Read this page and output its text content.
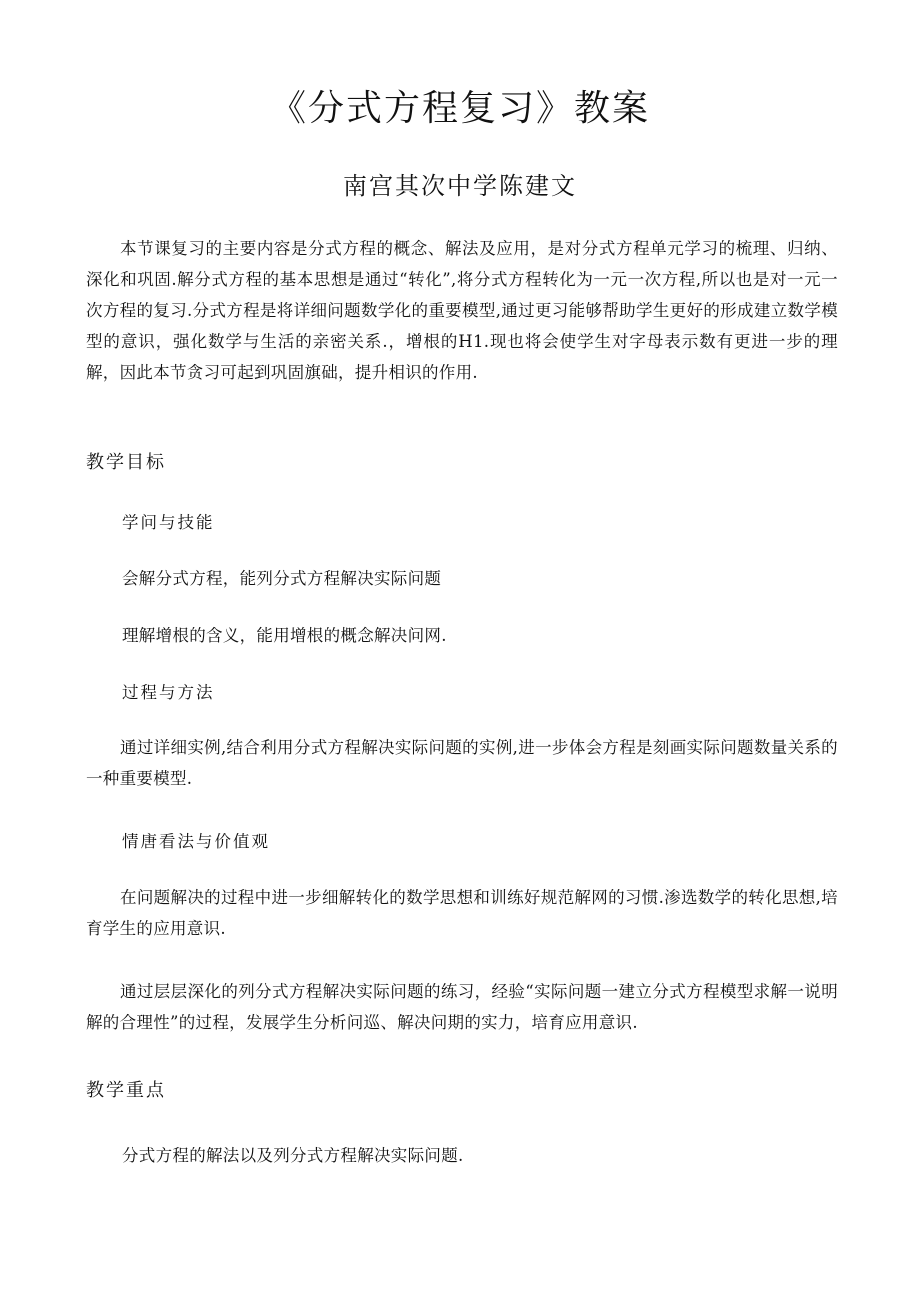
《分式方程复习》教案
南宫其次中学陈建文

本节课复习的主要内容是分式方程的概念、解法及应用，是对分式方程单元学习的梳理、归纳、深化和巩固.解分式方程的基本思想是通过“转化”,将分式方程转化为一元一次方程,所以也是对一元一次方程的复习.分式方程是将详细问题数学化的重要模型,通过更习能够帮助学生更好的形成建立数学模型的意识，强化数学与生活的亲密关系.，增根的H1.现也将会使学生对字母表示数有更进一步的理解，因此本节贪习可起到巩固旗础，提升相识的作用.

教学目标
学问与技能
会解分式方程，能列分式方程解决实际问题
理解增根的含义，能用增根的概念解决问网.
过程与方法

通过详细实例,结合利用分式方程解决实际问题的实例,进一步体会方程是刻画实际问题数量关系的一种重要模型.

情唐看法与价值观

在问题解决的过程中进一步细解转化的数学思想和训练好规范解网的习惯.渗选数学的转化思想,培育学生的应用意识.

通过层层深化的列分式方程解决实际问题的练习，经验“实际问题一建立分式方程模型求解一说明解的合理性”的过程，发展学生分析问巡、解决问期的实力，培育应用意识.

教学重点
分式方程的解法以及列分式方程解决实际问题.
